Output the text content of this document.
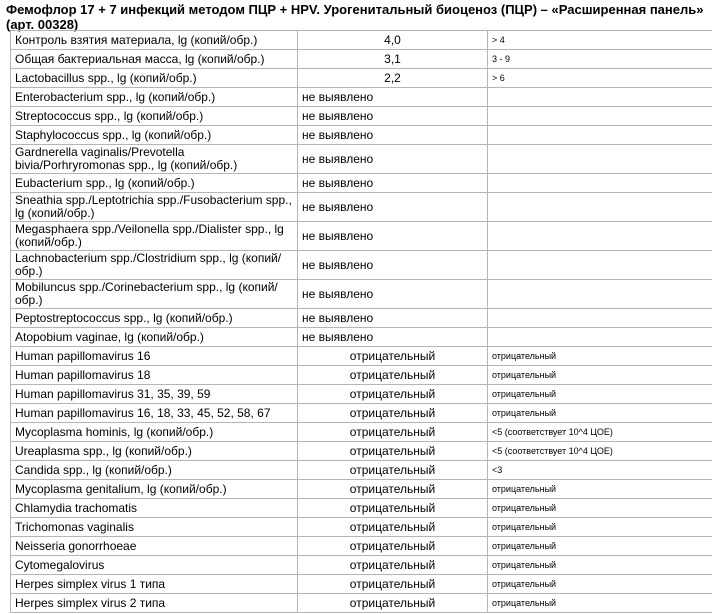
Фемофлор 17 + 7 инфекций методом ПЦР + HPV. Урогенитальный биоценоз (ПЦР) – «Расширенная панель» (арт. 00328)
Контроль взятия материала, lg (копий/обр.)	4,0	> 4
Общая бактериальная масса, lg (копий/обр.)	3,1	3 - 9
Lactobacillus spp., lg (копий/обр.)	2,2	> 6
Enterobacterium spp., lg (копий/обр.)	не выявлено	
Streptococcus spp., lg (копий/обр.)	не выявлено	
Staphylococcus spp., lg (копий/обр.)	не выявлено	
Gardnerella vaginalis/Prevotella bivia/Porhryromonas spp., lg (копий/обр.)	не выявлено	
Eubacterium spp., lg (копий/обр.)	не выявлено	
Sneathia spp./Leptotrichia spp./Fusobacterium spp., lg (копий/обр.)	не выявлено	
Megasphaera spp./Veilonella spp./Dialister spp., lg (копий/обр.)	не выявлено	
Lachnobacterium spp./Clostridium spp., lg (копий/обр.)	не выявлено	
Mobiluncus spp./Corinebacterium spp., lg (копий/обр.)	не выявлено	
Peptostreptococcus spp., lg (копий/обр.)	не выявлено	
Atopobium vaginae, lg (копий/обр.)	не выявлено	
Human papillomavirus 16	отрицательный	отрицательный
Human papillomavirus 18	отрицательный	отрицательный
Human papillomavirus 31, 35, 39, 59	отрицательный	отрицательный
Human papillomavirus 16, 18, 33, 45, 52, 58, 67	отрицательный	отрицательный
Mycoplasma hominis, lg (копий/обр.)	отрицательный	<5 (соответствует 10^4 ЦОЕ)
Ureaplasma spp., lg (копий/обр.)	отрицательный	<5 (соответствует 10^4 ЦОЕ)
Candida spp., lg (копий/обр.)	отрицательный	<3
Mycoplasma genitalium, lg (копий/обр.)	отрицательный	отрицательный
Chlamydia trachomatis	отрицательный	отрицательный
Trichomonas vaginalis	отрицательный	отрицательный
Neisseria gonorrhoeae	отрицательный	отрицательный
Cytomegalovirus	отрицательный	отрицательный
Herpes simplex virus 1 типа	отрицательный	отрицательный
Herpes simplex virus 2 типа	отрицательный	отрицательный
